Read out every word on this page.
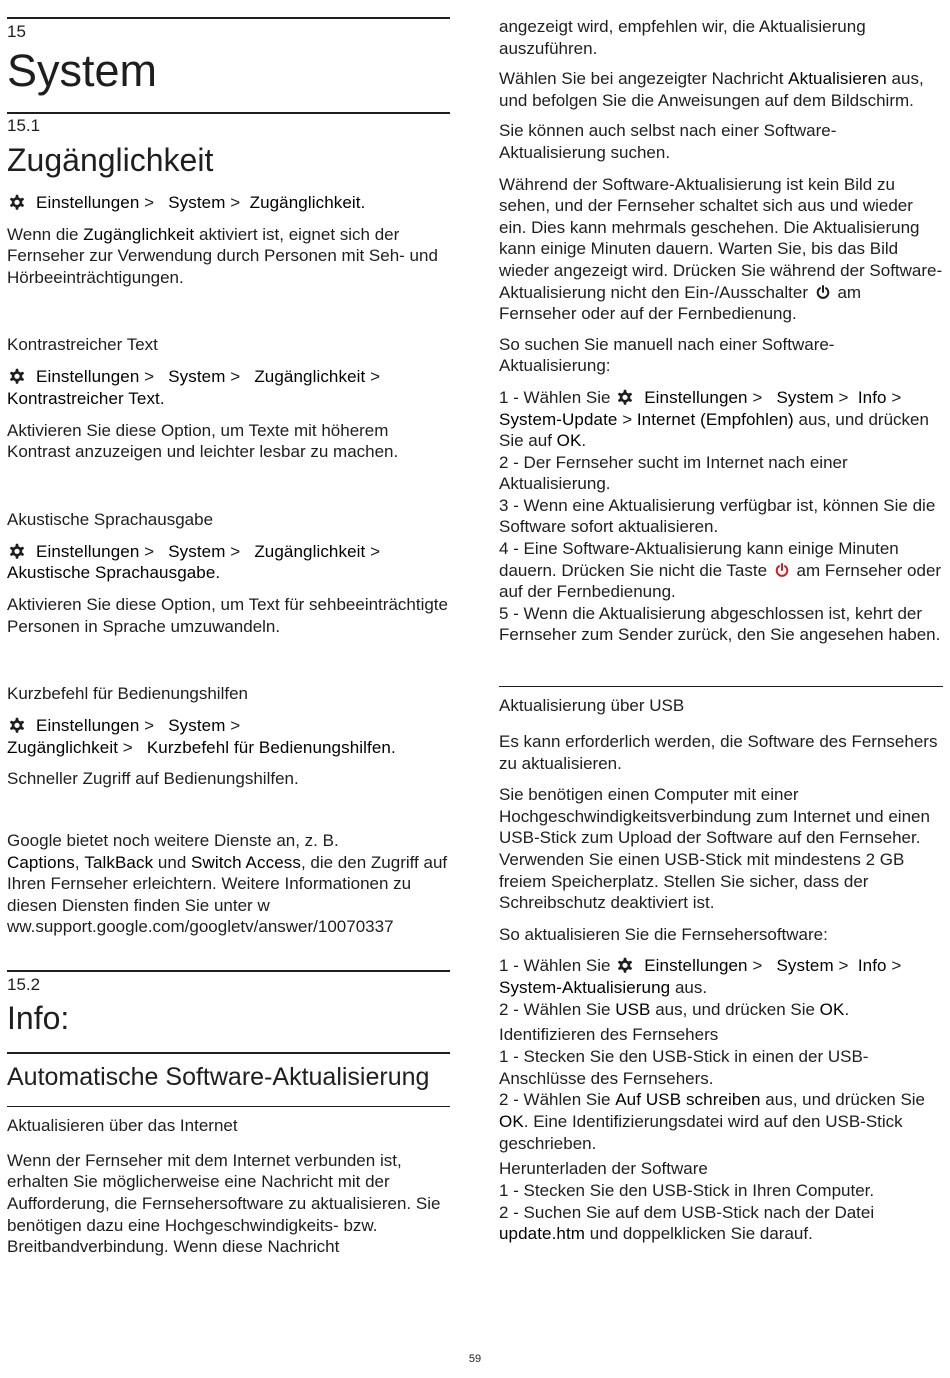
15
System
15.1
Zugänglichkeit

Einstellungen >   System >  Zugänglichkeit.

Wenn die Zugänglichkeit aktiviert ist, eignet sich der Fernseher zur Verwendung durch Personen mit Seh- und Hörbeeinträchtigungen.

Kontrastreicher Text

Einstellungen >   System >   Zugänglichkeit >
Kontrastreicher Text.

Aktivieren Sie diese Option, um Texte mit höherem Kontrast anzuzeigen und leichter lesbar zu machen.

Akustische Sprachausgabe

Einstellungen >   System >   Zugänglichkeit >
Akustische Sprachausgabe.

Aktivieren Sie diese Option, um Text für sehbeeinträchtigte Personen in Sprache umzuwandeln.

Kurzbefehl für Bedienungshilfen

Einstellungen >   System >
Zugänglichkeit >   Kurzbefehl für Bedienungshilfen.

Schneller Zugriff auf Bedienungshilfen.

Google bietet noch weitere Dienste an, z. B.
Captions, TalkBack und Switch Access, die den Zugriff auf Ihren Fernseher erleichtern. Weitere Informationen zu diesen Diensten finden Sie unter w ww.support.google.com/googletv/answer/10070337

15.2
Info:
Automatische Software-Aktualisierung
Aktualisieren über das Internet

Wenn der Fernseher mit dem Internet verbunden ist, erhalten Sie möglicherweise eine Nachricht mit der Aufforderung, die Fernsehersoftware zu aktualisieren. Sie benötigen dazu eine Hochgeschwindigkeits- bzw. Breitbandverbindung. Wenn diese Nachricht

angezeigt wird, empfehlen wir, die Aktualisierung auszuführen.

Wählen Sie bei angezeigter Nachricht Aktualisieren aus, und befolgen Sie die Anweisungen auf dem Bildschirm.

Sie können auch selbst nach einer Software-Aktualisierung suchen.

Während der Software-Aktualisierung ist kein Bild zu sehen, und der Fernseher schaltet sich aus und wieder ein. Dies kann mehrmals geschehen. Die Aktualisierung kann einige Minuten dauern. Warten Sie, bis das Bild wieder angezeigt wird. Drücken Sie während der Software-Aktualisierung nicht den Ein-/Ausschalter  am Fernseher oder auf der Fernbedienung.

So suchen Sie manuell nach einer Software-Aktualisierung:

1 - Wählen Sie Einstellungen >   System >  Info >
System-Update > Internet (Empfohlen) aus, und drücken Sie auf OK.

2 - Der Fernseher sucht im Internet nach einer Aktualisierung.

3 - Wenn eine Aktualisierung verfügbar ist, können Sie die Software sofort aktualisieren.

4 - Eine Software-Aktualisierung kann einige Minuten dauern. Drücken Sie nicht die Taste  am Fernseher oder auf der Fernbedienung.

5 - Wenn die Aktualisierung abgeschlossen ist, kehrt der Fernseher zum Sender zurück, den Sie angesehen haben.

Aktualisierung über USB

Es kann erforderlich werden, die Software des Fernsehers zu aktualisieren.

Sie benötigen einen Computer mit einer Hochgeschwindigkeitsverbindung zum Internet und einen USB-Stick zum Upload der Software auf den Fernseher. Verwenden Sie einen USB-Stick mit mindestens 2 GB freiem Speicherplatz. Stellen Sie sicher, dass der Schreibschutz deaktiviert ist.

So aktualisieren Sie die Fernsehersoftware:

1 - Wählen Sie Einstellungen >   System >  Info >
System-Aktualisierung aus.

2 - Wählen Sie USB aus, und drücken Sie OK.

Identifizieren des Fernsehers

1 - Stecken Sie den USB-Stick in einen der USB-Anschlüsse des Fernsehers.

2 - Wählen Sie Auf USB schreiben aus, und drücken Sie OK. Eine Identifizierungsdatei wird auf den USB-Stick geschrieben.

Herunterladen der Software

1 - Stecken Sie den USB-Stick in Ihren Computer.

2 - Suchen Sie auf dem USB-Stick nach der Datei update.htm und doppelklicken Sie darauf.

59
